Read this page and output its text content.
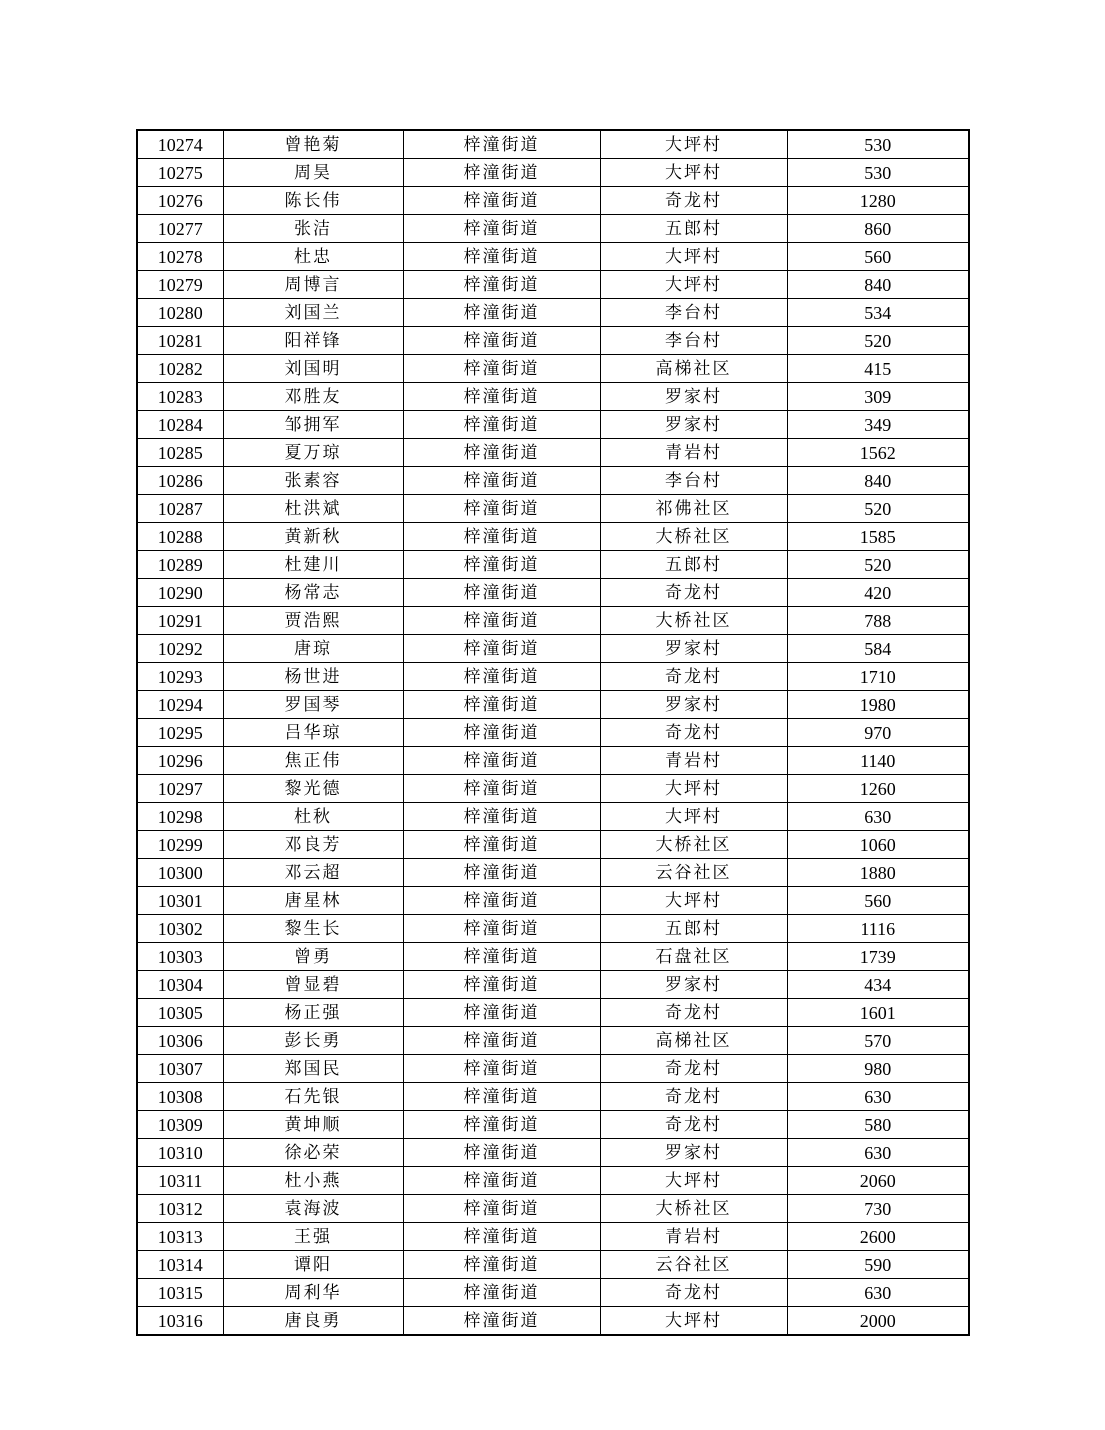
10274	曾艳菊	梓潼街道	大坪村	530
10275	周昊	梓潼街道	大坪村	530
10276	陈长伟	梓潼街道	奇龙村	1280
10277	张洁	梓潼街道	五郎村	860
10278	杜忠	梓潼街道	大坪村	560
10279	周博言	梓潼街道	大坪村	840
10280	刘国兰	梓潼街道	李台村	534
10281	阳祥锋	梓潼街道	李台村	520
10282	刘国明	梓潼街道	高梯社区	415
10283	邓胜友	梓潼街道	罗家村	309
10284	邹拥军	梓潼街道	罗家村	349
10285	夏万琼	梓潼街道	青岩村	1562
10286	张素容	梓潼街道	李台村	840
10287	杜洪斌	梓潼街道	祁佛社区	520
10288	黄新秋	梓潼街道	大桥社区	1585
10289	杜建川	梓潼街道	五郎村	520
10290	杨常志	梓潼街道	奇龙村	420
10291	贾浩熙	梓潼街道	大桥社区	788
10292	唐琼	梓潼街道	罗家村	584
10293	杨世进	梓潼街道	奇龙村	1710
10294	罗国琴	梓潼街道	罗家村	1980
10295	吕华琼	梓潼街道	奇龙村	970
10296	焦正伟	梓潼街道	青岩村	1140
10297	黎光德	梓潼街道	大坪村	1260
10298	杜秋	梓潼街道	大坪村	630
10299	邓良芳	梓潼街道	大桥社区	1060
10300	邓云超	梓潼街道	云谷社区	1880
10301	唐星林	梓潼街道	大坪村	560
10302	黎生长	梓潼街道	五郎村	1116
10303	曾勇	梓潼街道	石盘社区	1739
10304	曾显碧	梓潼街道	罗家村	434
10305	杨正强	梓潼街道	奇龙村	1601
10306	彭长勇	梓潼街道	高梯社区	570
10307	郑国民	梓潼街道	奇龙村	980
10308	石先银	梓潼街道	奇龙村	630
10309	黄坤顺	梓潼街道	奇龙村	580
10310	徐必荣	梓潼街道	罗家村	630
10311	杜小燕	梓潼街道	大坪村	2060
10312	袁海波	梓潼街道	大桥社区	730
10313	王强	梓潼街道	青岩村	2600
10314	谭阳	梓潼街道	云谷社区	590
10315	周利华	梓潼街道	奇龙村	630
10316	唐良勇	梓潼街道	大坪村	2000
